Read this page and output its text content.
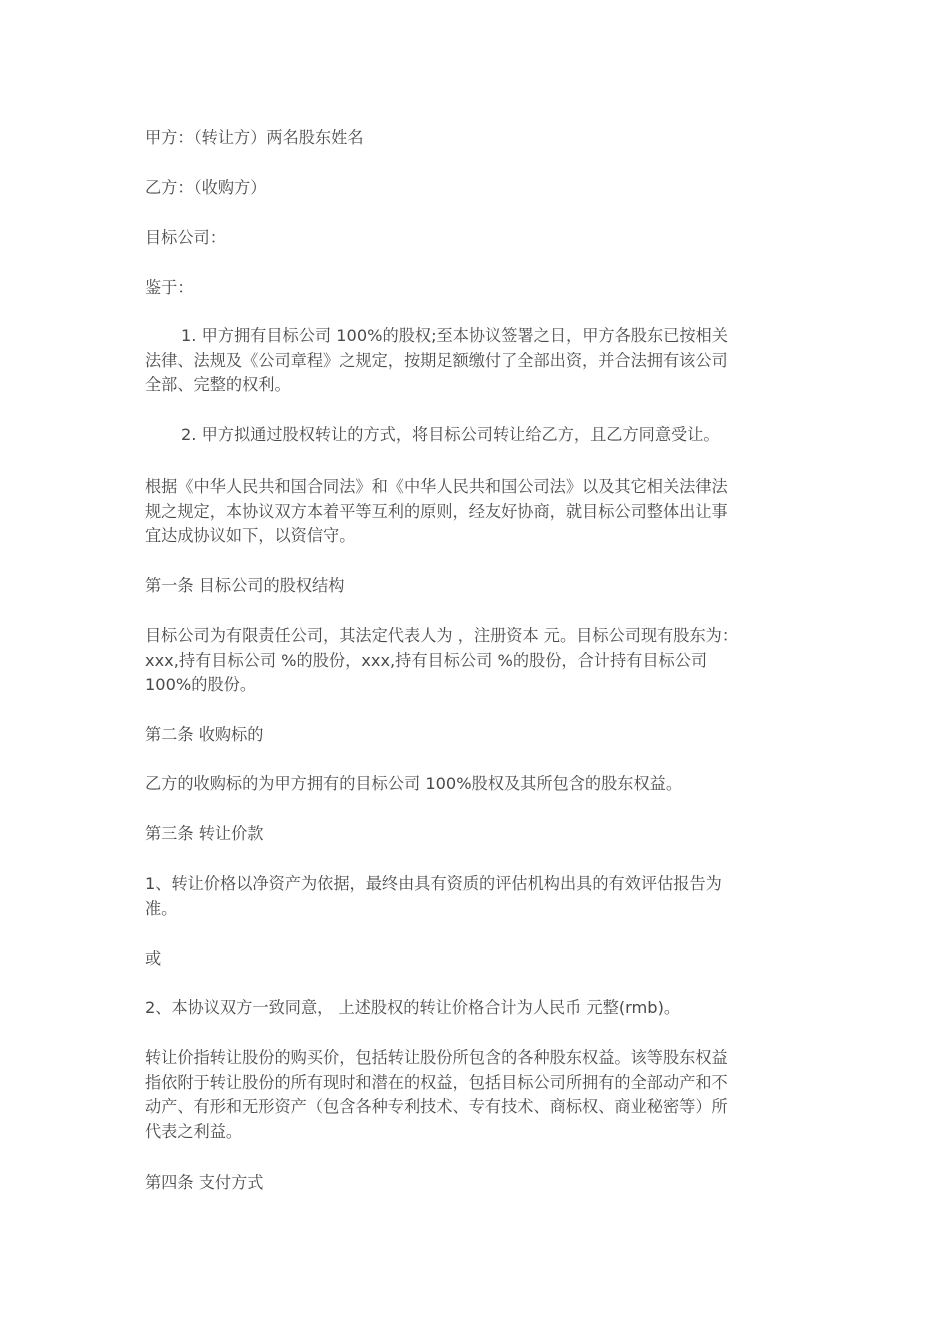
甲方：（转让方）两名股东姓名
乙方：（收购方）
目标公司：
鉴于：
1. 甲方拥有目标公司 100%的股权;至本协议签署之日，甲方各股东已按相关
法律、法规及《公司章程》之规定，按期足额缴付了全部出资，并合法拥有该公司
全部、完整的权利。
2. 甲方拟通过股权转让的方式，将目标公司转让给乙方，且乙方同意受让。
根据《中华人民共和国合同法》和《中华人民共和国公司法》以及其它相关法律法
规之规定，本协议双方本着平等互利的原则，经友好协商，就目标公司整体出让事
宜达成协议如下，以资信守。
第一条 目标公司的股权结构
目标公司为有限责任公司，其法定代表人为 ，注册资本 元。目标公司现有股东为：
xxx,持有目标公司 %的股份，xxx,持有目标公司 %的股份，合计持有目标公司
100%的股份。
第二条 收购标的
乙方的收购标的为甲方拥有的目标公司 100%股权及其所包含的股东权益。
第三条 转让价款
1、转让价格以净资产为依据，最终由具有资质的评估机构出具的有效评估报告为
准。
或
2、本协议双方一致同意， 上述股权的转让价格合计为人民币 元整(rmb)。
转让价指转让股份的购买价，包括转让股份所包含的各种股东权益。该等股东权益
指依附于转让股份的所有现时和潜在的权益，包括目标公司所拥有的全部动产和不
动产、有形和无形资产（包含各种专利技术、专有技术、商标权、商业秘密等）所
代表之利益。
第四条 支付方式
